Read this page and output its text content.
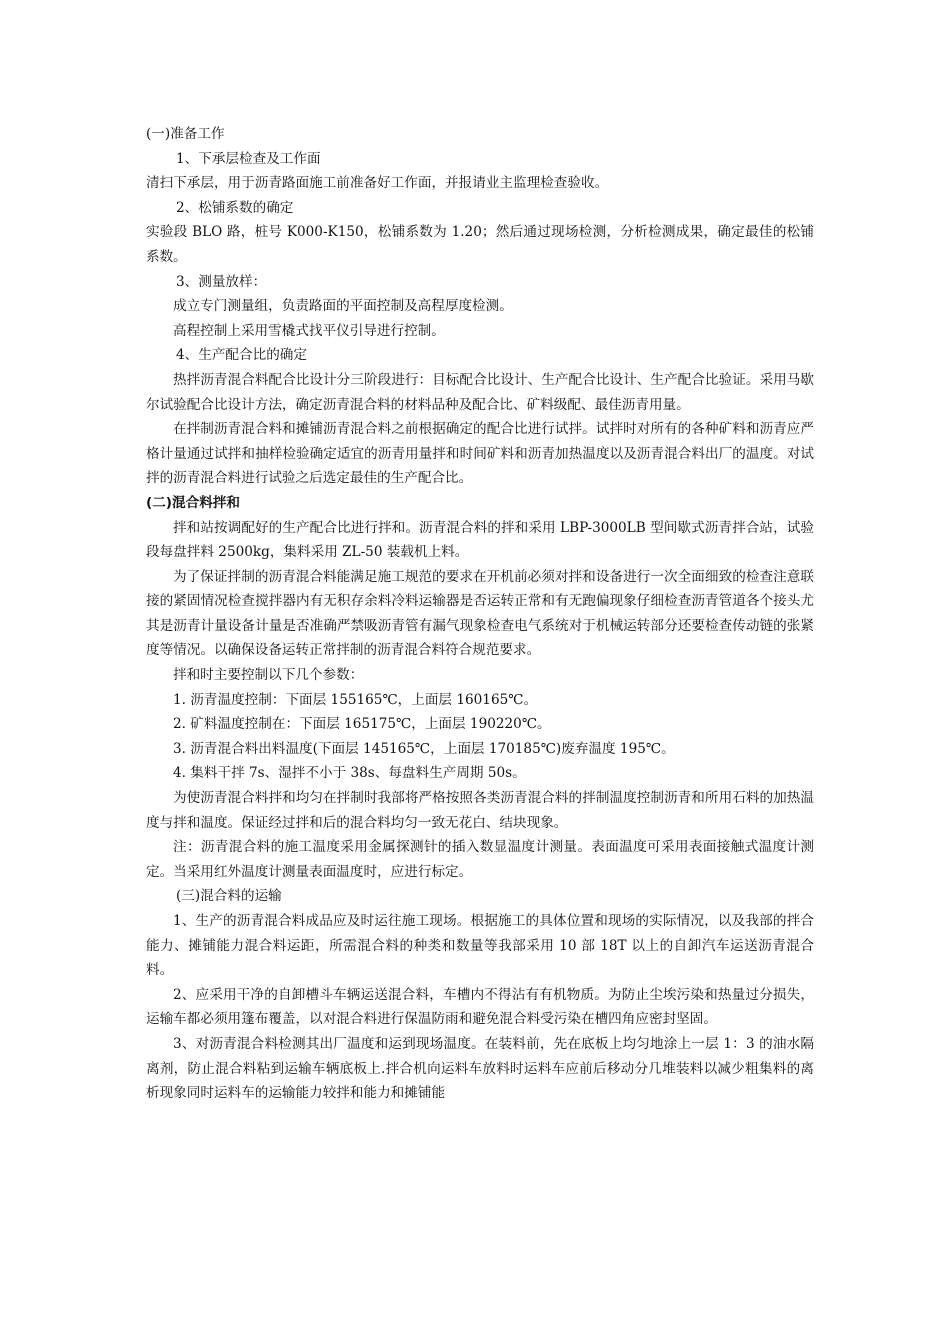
(一)准备工作

1、下承层检查及工作面

清扫下承层，用于沥青路面施工前准备好工作面，并报请业主监理检查验收。

2、松铺系数的确定

实验段 BLO 路，桩号 K000-K150，松铺系数为 1.20；然后通过现场检测，分析检测成果，确定最佳的松铺系数。

3、测量放样：

成立专门测量组，负责路面的平面控制及高程厚度检测。

高程控制上采用雪橇式找平仪引导进行控制。

4、生产配合比的确定

热拌沥青混合料配合比设计分三阶段进行：目标配合比设计、生产配合比设计、生产配合比验证。采用马歇尔试验配合比设计方法，确定沥青混合料的材料品种及配合比、矿料级配、最佳沥青用量。

在拌制沥青混合料和摊铺沥青混合料之前根据确定的配合比进行试拌。试拌时对所有的各种矿料和沥青应严格计量通过试拌和抽样检验确定适宜的沥青用量拌和时间矿料和沥青加热温度以及沥青混合料出厂的温度。对试拌的沥青混合料进行试验之后选定最佳的生产配合比。

(二)混合料拌和

拌和站按调配好的生产配合比进行拌和。沥青混合料的拌和采用 LBP-3000LB 型间歇式沥青拌合站，试验段每盘拌料 2500kg，集料采用 ZL-50 装载机上料。

为了保证拌制的沥青混合料能满足施工规范的要求在开机前必须对拌和设备进行一次全面细致的检查注意联接的紧固情况检查搅拌器内有无积存余料冷料运输器是否运转正常和有无跑偏现象仔细检查沥青管道各个接头尤其是沥青计量设备计量是否准确严禁吸沥青管有漏气现象检查电气系统对于机械运转部分还要检查传动链的张紧度等情况。以确保设备运转正常拌制的沥青混合料符合规范要求。

拌和时主要控制以下几个参数：

1. 沥青温度控制：下面层 155165℃，上面层 160165℃。

2. 矿料温度控制在：下面层 165175℃，上面层 190220℃。

3. 沥青混合料出料温度(下面层 145165℃，上面层 170185℃)废弃温度 195℃。

4. 集料干拌 7s、湿拌不小于 38s、每盘料生产周期 50s。

为使沥青混合料拌和均匀在拌制时我部将严格按照各类沥青混合料的拌制温度控制沥青和所用石料的加热温度与拌和温度。保证经过拌和后的混合料均匀一致无花白、结块现象。

注：沥青混合料的施工温度采用金属探测针的插入数显温度计测量。表面温度可采用表面接触式温度计测定。当采用红外温度计测量表面温度时，应进行标定。

(三)混合料的运输

1、生产的沥青混合料成品应及时运往施工现场。根据施工的具体位置和现场的实际情况，以及我部的拌合能力、摊铺能力混合料运距，所需混合料的种类和数量等我部采用 10 部 18T 以上的自卸汽车运送沥青混合料。

2、应采用干净的自卸槽斗车辆运送混合料，车槽内不得沾有有机物质。为防止尘埃污染和热量过分损失，运输车都必须用篷布覆盖，以对混合料进行保温防雨和避免混合料受污染在槽四角应密封坚固。

3、对沥青混合料检测其出厂温度和运到现场温度。在装料前，先在底板上均匀地涂上一层 1：3 的油水隔离剂，防止混合料粘到运输车辆底板上.拌合机向运料车放料时运料车应前后移动分几堆装料以减少粗集料的离析现象同时运料车的运输能力较拌和能力和摊铺能
